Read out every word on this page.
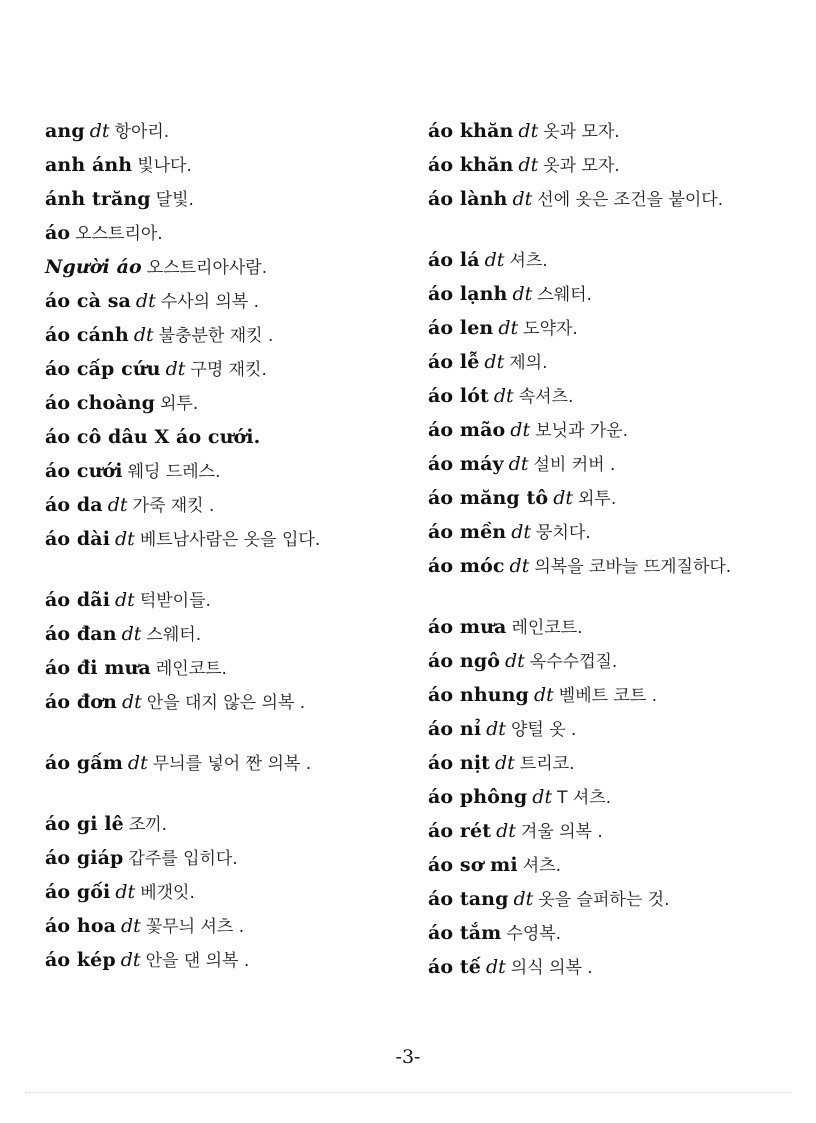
ang dt 항아리.
anh ánh 빛나다.
ánh trăng 달빛.
áo 오스트리아.
Người áo 오스트리아사람.
áo cà sa dt 수사의 의복 .
áo cánh dt 불충분한 재킷 .
áo cấp cứu dt 구명 재킷.
áo choàng 외투.
áo cô dâu X áo cưới.
áo cưới 웨딩 드레스.
áo da dt 가죽 재킷 .
áo dài dt 베트남사람은 옷을 입다.
áo dãi dt 턱받이들.
áo đan dt 스웨터.
áo đi mưa 레인코트.
áo đơn dt 안을 대지 않은 의복 .
áo gấm dt 무늬를 넣어 짠 의복 .
áo gi lê 조끼.
áo giáp 갑주를 입히다.
áo gối dt 베갯잇.
áo hoa dt 꽃무늬 셔츠 .
áo kép dt 안을 댄 의복 .
áo khăn dt 옷과 모자.
áo khăn dt 옷과 모자.
áo lành dt 선에 옷은 조건을 붙이다.
áo lá dt 셔츠.
áo lạnh dt 스웨터.
áo len dt 도약자.
áo lễ dt 제의.
áo lót dt 속셔츠.
áo mão dt 보닛과 가운.
áo máy dt 설비 커버 .
áo măng tô dt 외투.
áo mền dt 뭉치다.
áo móc dt 의복을 코바늘 뜨게질하다.
áo mưa 레인코트.
áo ngô dt 옥수수껍질.
áo nhung dt 벨베트 코트 .
áo nỉ dt 양털 옷 .
áo nịt dt 트리코.
áo phông dt T 셔츠.
áo rét dt 겨울 의복 .
áo sơ mi 셔츠.
áo tang dt 옷을 슬퍼하는 것.
áo tắm 수영복.
áo tế dt 의식 의복 .
-3-
